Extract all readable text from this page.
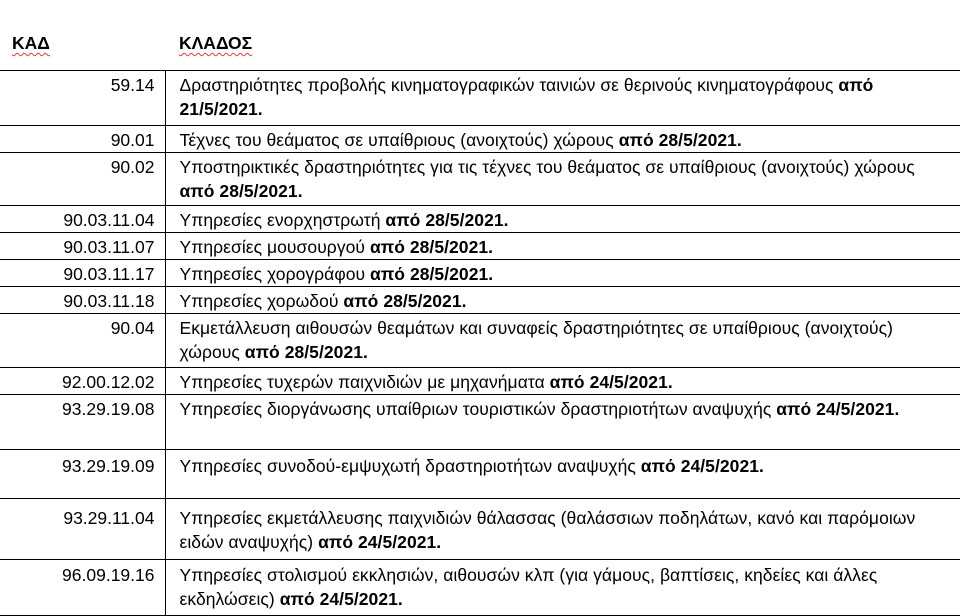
ΚΑΔ	ΚΛΑΔΟΣ
59.14	Δραστηριότητες προβολής κινηματογραφικών ταινιών σε θερινούς κινηματογράφους από 21/5/2021.
90.01	Τέχνες του θεάματος σε υπαίθριους (ανοιχτούς) χώρους από 28/5/2021.
90.02	Υποστηρικτικές δραστηριότητες για τις τέχνες του θεάματος σε υπαίθριους (ανοιχτούς) χώρους από 28/5/2021.
90.03.11.04	Υπηρεσίες ενορχηστρωτή από 28/5/2021.
90.03.11.07	Υπηρεσίες μουσουργού από 28/5/2021.
90.03.11.17	Υπηρεσίες χορογράφου από 28/5/2021.
90.03.11.18	Υπηρεσίες χορωδού από 28/5/2021.
90.04	Εκμετάλλευση αιθουσών θεαμάτων και συναφείς δραστηριότητες σε υπαίθριους (ανοιχτούς) χώρους από 28/5/2021.
92.00.12.02	Υπηρεσίες τυχερών παιχνιδιών με μηχανήματα από 24/5/2021.
93.29.19.08	Υπηρεσίες διοργάνωσης υπαίθριων τουριστικών δραστηριοτήτων αναψυχής από 24/5/2021.
93.29.19.09	Υπηρεσίες συνοδού-εμψυχωτή δραστηριοτήτων αναψυχής από 24/5/2021.
93.29.11.04	Υπηρεσίες εκμετάλλευσης παιχνιδιών θάλασσας (θαλάσσιων ποδηλάτων, κανό και παρόμοιων ειδών αναψυχής) από 24/5/2021.
96.09.19.16	Υπηρεσίες στολισμού εκκλησιών, αιθουσών κλπ (για γάμους, βαπτίσεις, κηδείες και άλλες εκδηλώσεις) από 24/5/2021.
